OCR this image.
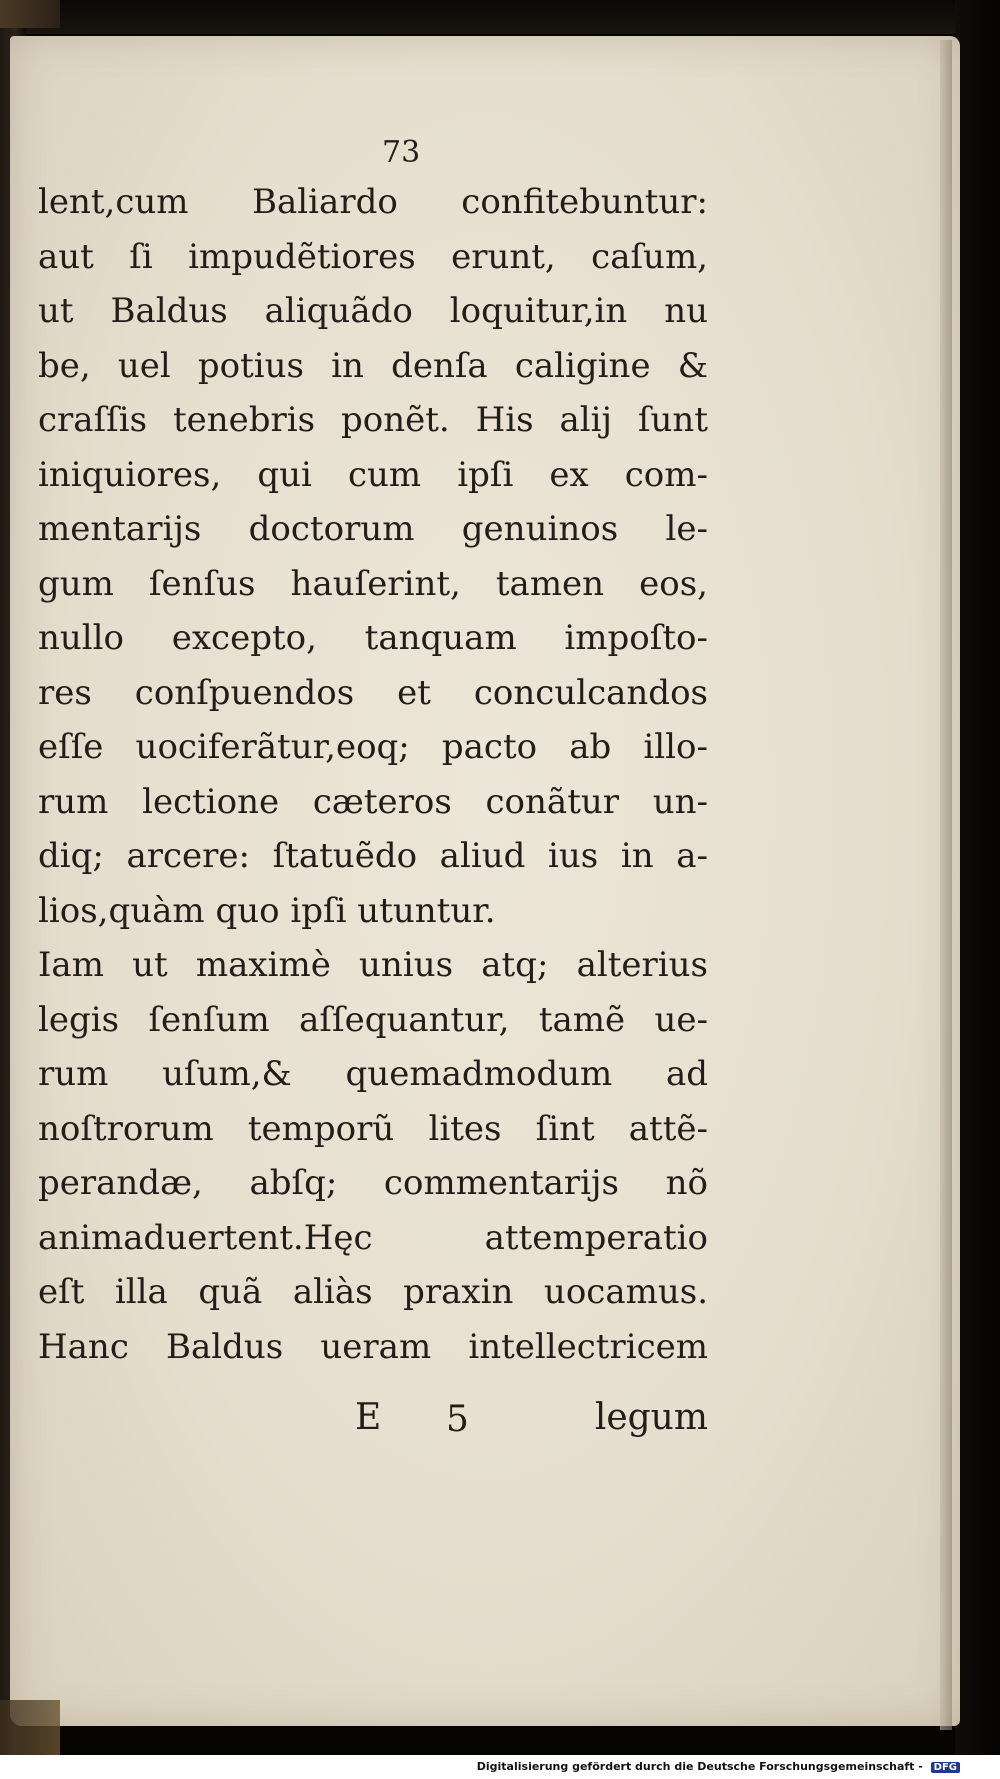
73
lent,cum Baliardo confitebuntur:
aut ſi impudẽtiores erunt, caſum,
ut Baldus aliquãdo loquitur,in nu
be, uel potius in denſa caligine &
craſſis tenebris ponẽt. His alij ſunt
iniquiores, qui cum ipſi ex com-
mentarijs doctorum genuinos le-
gum ſenſus hauſerint, tamen eos,
nullo excepto, tanquam impoſto-
res conſpuendos et conculcandos
eſſe uociferãtur,eoq; pacto ab illo-
rum lectione cæteros conãtur un-
diq; arcere: ſtatuẽdo aliud ius in a-
lios,quàm quo ipſi utuntur.
Iam ut maximè unius atq; alterius
legis ſenſum aſſequantur, tamẽ ue-
rum uſum,& quemadmodum ad
noſtrorum temporũ lites ſint attẽ-
perandæ, abſq; commentarijs nõ
animaduertent.Hęc attemperatio
eſt illa quã aliàs praxin uocamus.
Hanc Baldus ueram intellectricem
E 5	legum
Digitalisierung gefördert durch die Deutsche Forschungsgemeinschaft - DFG
